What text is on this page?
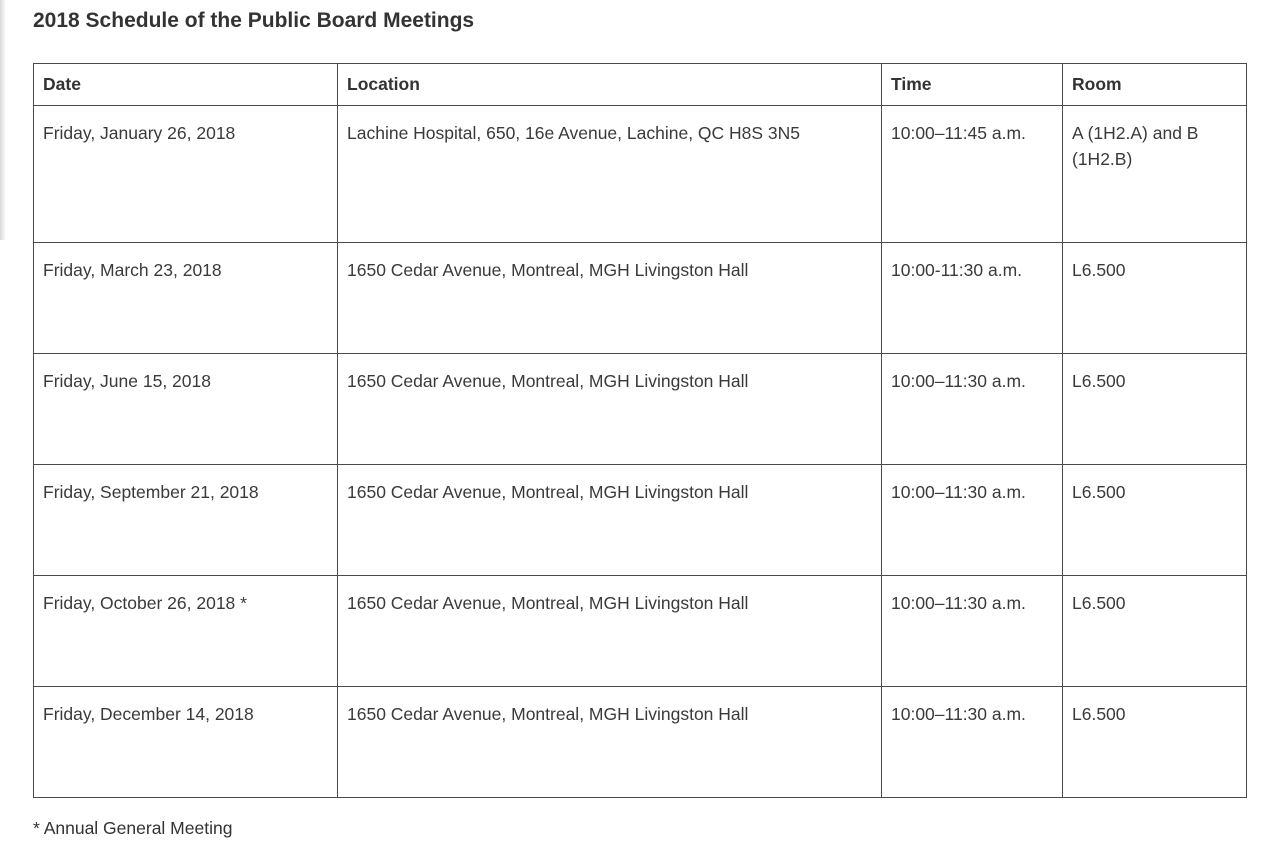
2018 Schedule of the Public Board Meetings
Date	Location	Time	Room
Friday, January 26, 2018	Lachine Hospital, 650, 16e Avenue, Lachine, QC H8S 3N5	10:00–11:45 a.m.	A (1H2.A) and B (1H2.B)
Friday, March 23, 2018	1650 Cedar Avenue, Montreal, MGH Livingston Hall	10:00-11:30 a.m.	L6.500
Friday, June 15, 2018	1650 Cedar Avenue, Montreal, MGH Livingston Hall	10:00–11:30 a.m.	L6.500
Friday, September 21, 2018	1650 Cedar Avenue, Montreal, MGH Livingston Hall	10:00–11:30 a.m.	L6.500
Friday, October 26, 2018 *	1650 Cedar Avenue, Montreal, MGH Livingston Hall	10:00–11:30 a.m.	L6.500
Friday, December 14, 2018	1650 Cedar Avenue, Montreal, MGH Livingston Hall	10:00–11:30 a.m.	L6.500
* Annual General Meeting
